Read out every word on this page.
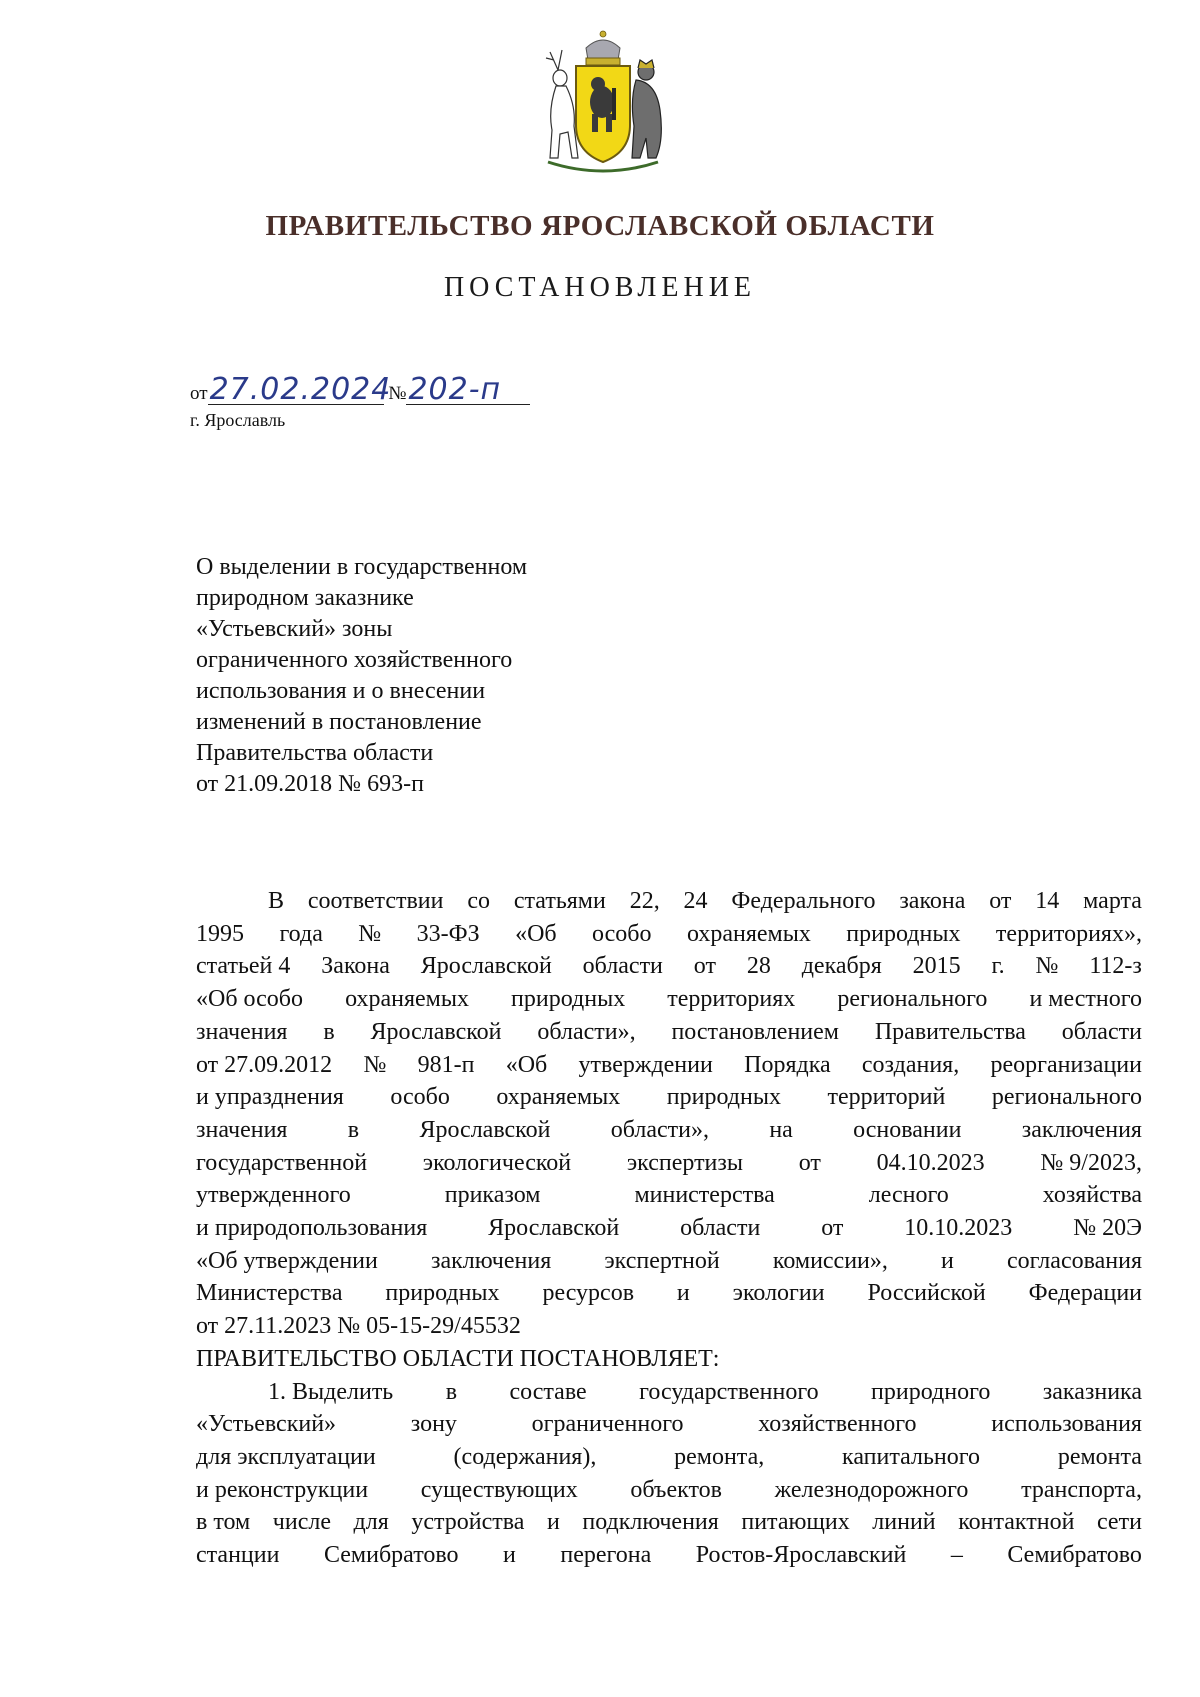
ПРАВИТЕЛЬСТВО ЯРОСЛАВСКОЙ ОБЛАСТИ
ПОСТАНОВЛЕНИЕ
от27.02.2024 №202-п
г. Ярославль
О выделении в государственном
природном заказнике
«Устьевский» зоны
ограниченного хозяйственного
использования и о внесении
изменений в постановление
Правительства области
от 21.09.2018 № 693-п
В соответствии со статьями 22, 24 Федерального закона от 14 марта
1995 года № 33-ФЗ «Об особо охраняемых природных территориях»,
статьей 4 Закона Ярославской области от 28 декабря 2015 г. № 112-з
«Об особо охраняемых природных территориях регионального и местного
значения в Ярославской области», постановлением Правительства области
от 27.09.2012 № 981-п «Об утверждении Порядка создания, реорганизации
и упразднения особо охраняемых природных территорий регионального
значения	в	Ярославской	области»,	на	основании	заключения
государственной экологической экспертизы от 04.10.2023 № 9/2023,
утвержденного	приказом	министерства	лесного	хозяйства
и природопользования	Ярославской	области	от	10.10.2023	№ 20Э
«Об утверждении заключения экспертной комиссии», и согласования
Министерства природных ресурсов и экологии Российской Федерации
от 27.11.2023 № 05-15-29/45532
ПРАВИТЕЛЬСТВО ОБЛАСТИ ПОСТАНОВЛЯЕТ:
1. Выделить в составе государственного природного заказника
«Устьевский»	зону	ограниченного	хозяйственного	использования
для эксплуатации	(содержания),	ремонта,	капитального	ремонта
и реконструкции существующих объектов железнодорожного транспорта,
в том числе для устройства и подключения питающих линий контактной сети
станции Семибратово и перегона Ростов-Ярославский – Семибратово
